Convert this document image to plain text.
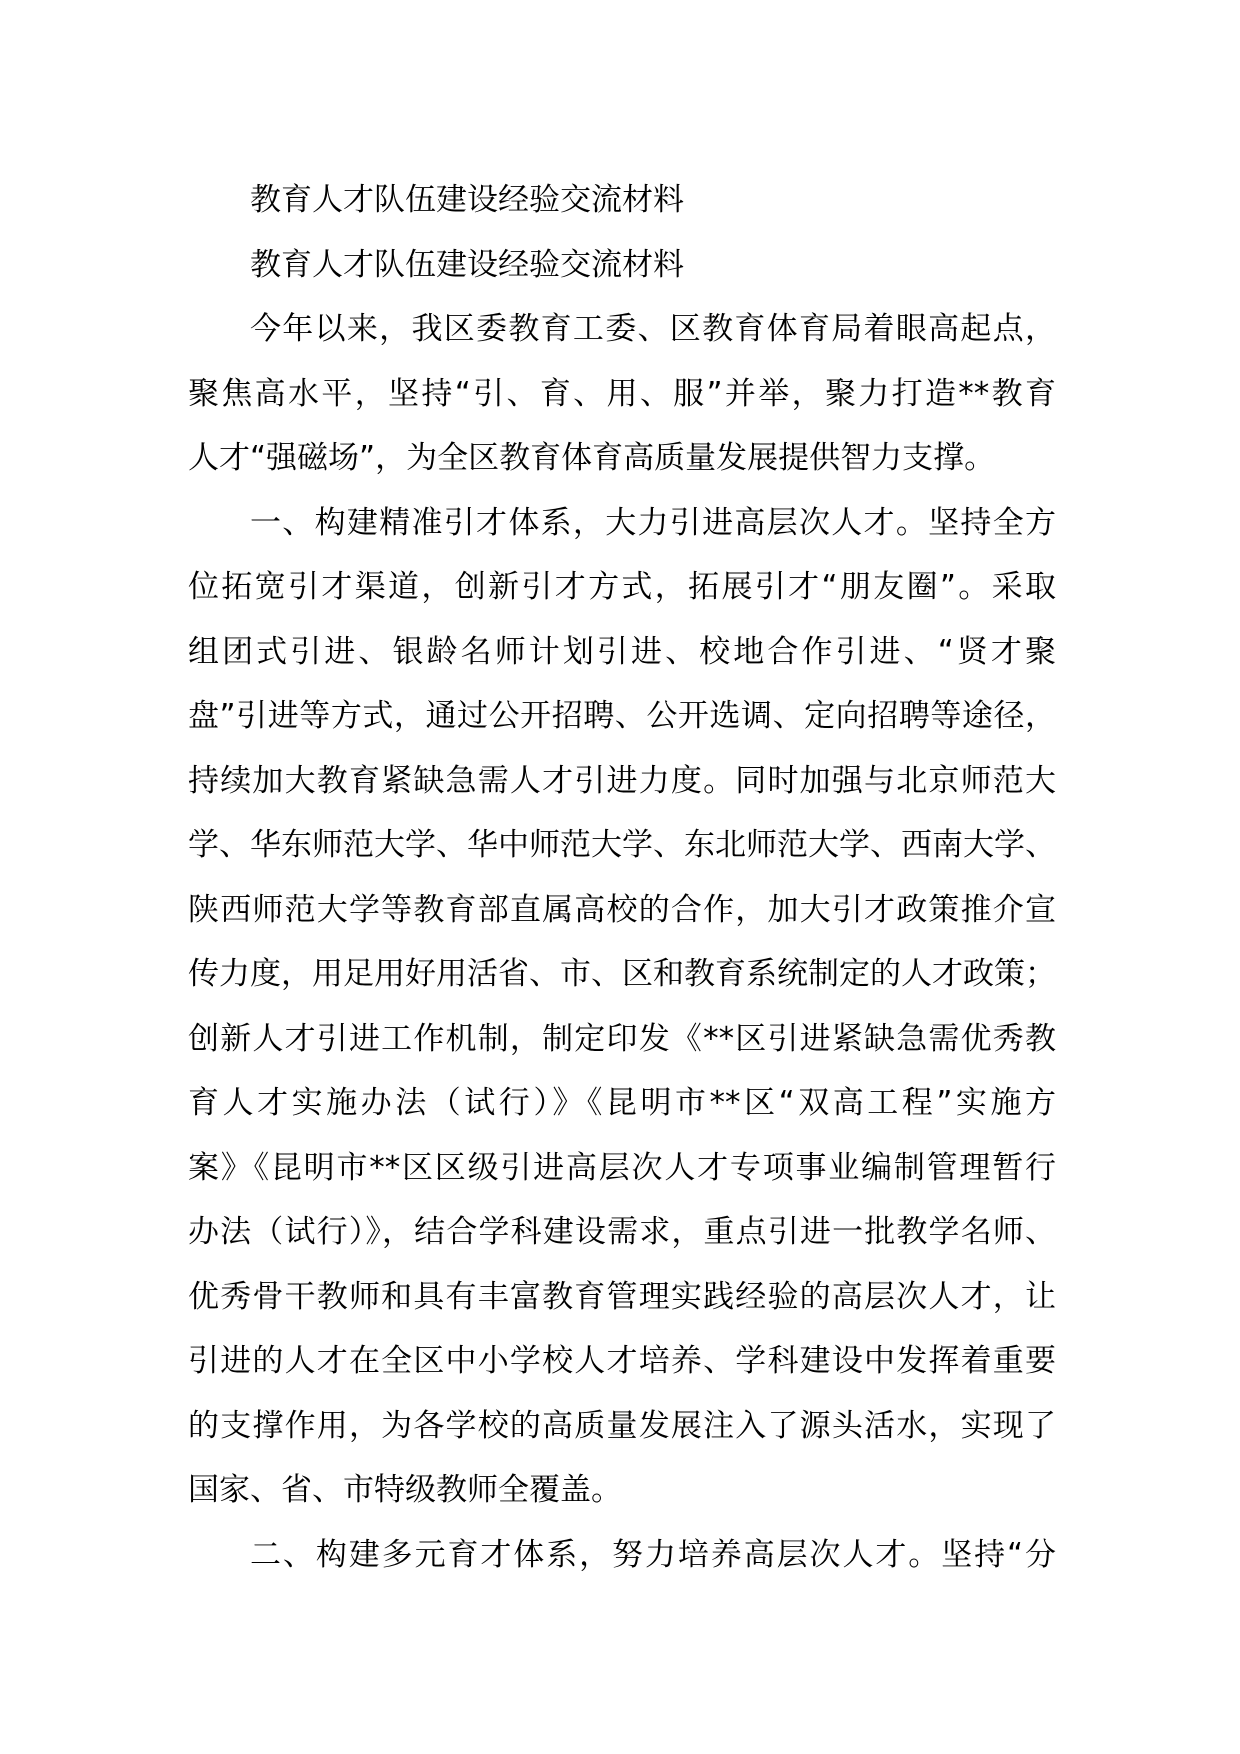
教育人才队伍建设经验交流材料
教育人才队伍建设经验交流材料
今年以来，我区委教育工委、区教育体育局着眼高起点，
聚焦高水平，坚持“引、育、用、服”并举，聚力打造**教育
人才“强磁场”，为全区教育体育高质量发展提供智力支撑。
一、构建精准引才体系，大力引进高层次人才。坚持全方
位拓宽引才渠道，创新引才方式，拓展引才“朋友圈”。采取
组团式引进、银龄名师计划引进、校地合作引进、“贤才聚
盘”引进等方式，通过公开招聘、公开选调、定向招聘等途径，
持续加大教育紧缺急需人才引进力度。同时加强与北京师范大
学、华东师范大学、华中师范大学、东北师范大学、西南大学、
陕西师范大学等教育部直属高校的合作，加大引才政策推介宣
传力度，用足用好用活省、市、区和教育系统制定的人才政策；
创新人才引进工作机制，制定印发《**区引进紧缺急需优秀教
育人才实施办法（试行）》《昆明市**区“双高工程”实施方
案》《昆明市**区区级引进高层次人才专项事业编制管理暂行
办法（试行）》，结合学科建设需求，重点引进一批教学名师、
优秀骨干教师和具有丰富教育管理实践经验的高层次人才，让
引进的人才在全区中小学校人才培养、学科建设中发挥着重要
的支撑作用，为各学校的高质量发展注入了源头活水，实现了
国家、省、市特级教师全覆盖。
二、构建多元育才体系，努力培养高层次人才。坚持“分
